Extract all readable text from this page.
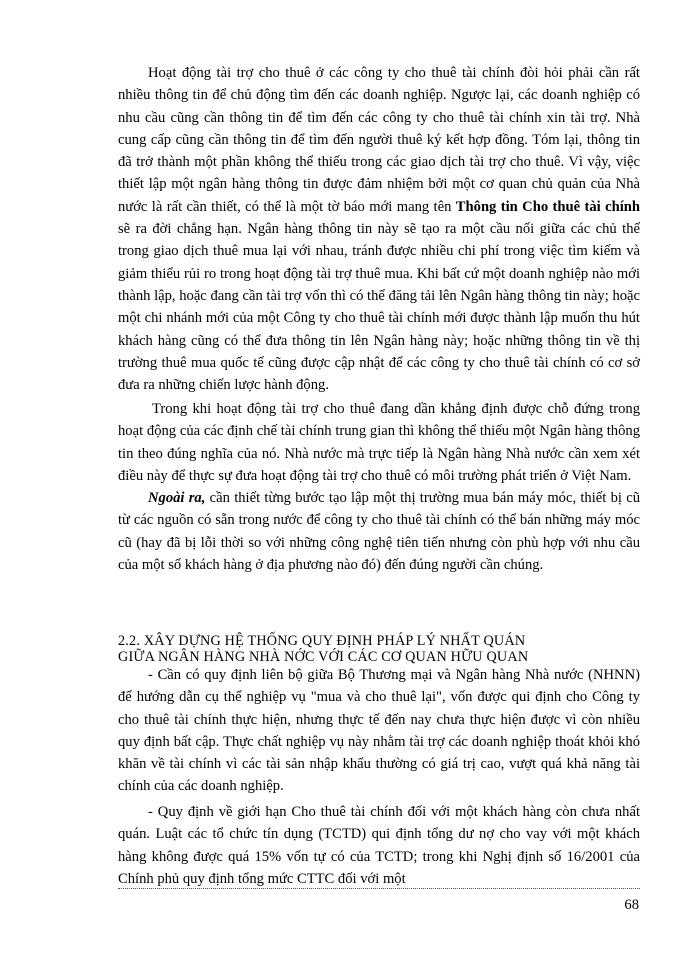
Hoạt động tài trợ cho thuê ở các công ty cho thuê tài chính đòi hỏi phải cần rất nhiều thông tin để chủ động tìm đến các doanh nghiệp. Ngược lại, các doanh nghiệp có nhu cầu cũng cần thông tin để tìm đến các công ty cho thuê tài chính xin tài trợ. Nhà cung cấp cũng cần thông tin để tìm đến người thuê ký kết hợp đồng. Tóm lại, thông tin đã trở thành một phần không thể thiếu trong các giao dịch tài trợ cho thuê. Vì vậy, việc thiết lập một ngân hàng thông tin được đảm nhiệm bởi một cơ quan chủ quản của Nhà nước là rất cần thiết, có thể là một tờ báo mới mang tên Thông tin Cho thuê tài chính sẽ ra đời chẳng hạn. Ngân hàng thông tin này sẽ tạo ra một cầu nối giữa các chủ thể trong giao dịch thuê mua lại với nhau, tránh được nhiều chi phí trong việc tìm kiếm và giảm thiểu rủi ro trong hoạt động tài trợ thuê mua. Khi bất cứ một doanh nghiệp nào mới thành lập, hoặc đang cần tài trợ vốn thì có thể đăng tải lên Ngân hàng thông tin này; hoặc một chi nhánh mới của một Công ty cho thuê tài chính mới được thành lập muốn thu hút khách hàng cũng có thể đưa thông tin lên Ngân hàng này; hoặc những thông tin về thị trường thuê mua quốc tế cũng được cập nhật để các công ty cho thuê tài chính có cơ sở đưa ra những chiến lược hành động.

Trong khi hoạt động tài trợ cho thuê đang dần khẳng định được chỗ đứng trong hoạt động của các định chế tài chính trung gian thì không thể thiếu một Ngân hàng thông tin theo đúng nghĩa của nó. Nhà nước mà trực tiếp là Ngân hàng Nhà nước cần xem xét điều này để thực sự đưa hoạt động tài trợ cho thuê có môi trường phát triển ở Việt Nam.

Ngoài ra, cần thiết từng bước tạo lập một thị trường mua bán máy móc, thiết bị cũ từ các nguồn có sẵn trong nước để công ty cho thuê tài chính có thể bán những máy móc cũ (hay đã bị lỗi thời so với những công nghệ tiên tiến nhưng còn phù hợp với nhu cầu của một số khách hàng ở địa phương nào đó) đến đúng người cần chúng.

2.2. XÂY DỰNG HỆ THỐNG QUY ĐỊNH PHÁP LÝ NHẤT QUÁN
GIỮA NGÂN HÀNG NHÀ NỚC VỚI CÁC CƠ QUAN HỮU QUAN

- Cần có quy định liên bộ giữa Bộ Thương mại và Ngân hàng Nhà nước (NHNN) để hướng dẫn cụ thể nghiệp vụ "mua và cho thuê lại", vốn được qui định cho Công ty cho thuê tài chính thực hiện, nhưng thực tế đến nay chưa thực hiện được vì còn nhiều quy định bất cập. Thực chất nghiệp vụ này nhằm tài trợ các doanh nghiệp thoát khỏi khó khăn về tài chính vì các tài sản nhập khẩu thường có giá trị cao, vượt quá khả năng tài chính của các doanh nghiệp.

- Quy định về giới hạn Cho thuê tài chính đối với một khách hàng còn chưa nhất quán. Luật các tổ chức tín dụng (TCTD) qui định tổng dư nợ cho vay với một khách hàng không được quá 15% vốn tự có của TCTD; trong khi Nghị định số 16/2001 của Chính phủ quy định tổng mức CTTC đối với một

68
